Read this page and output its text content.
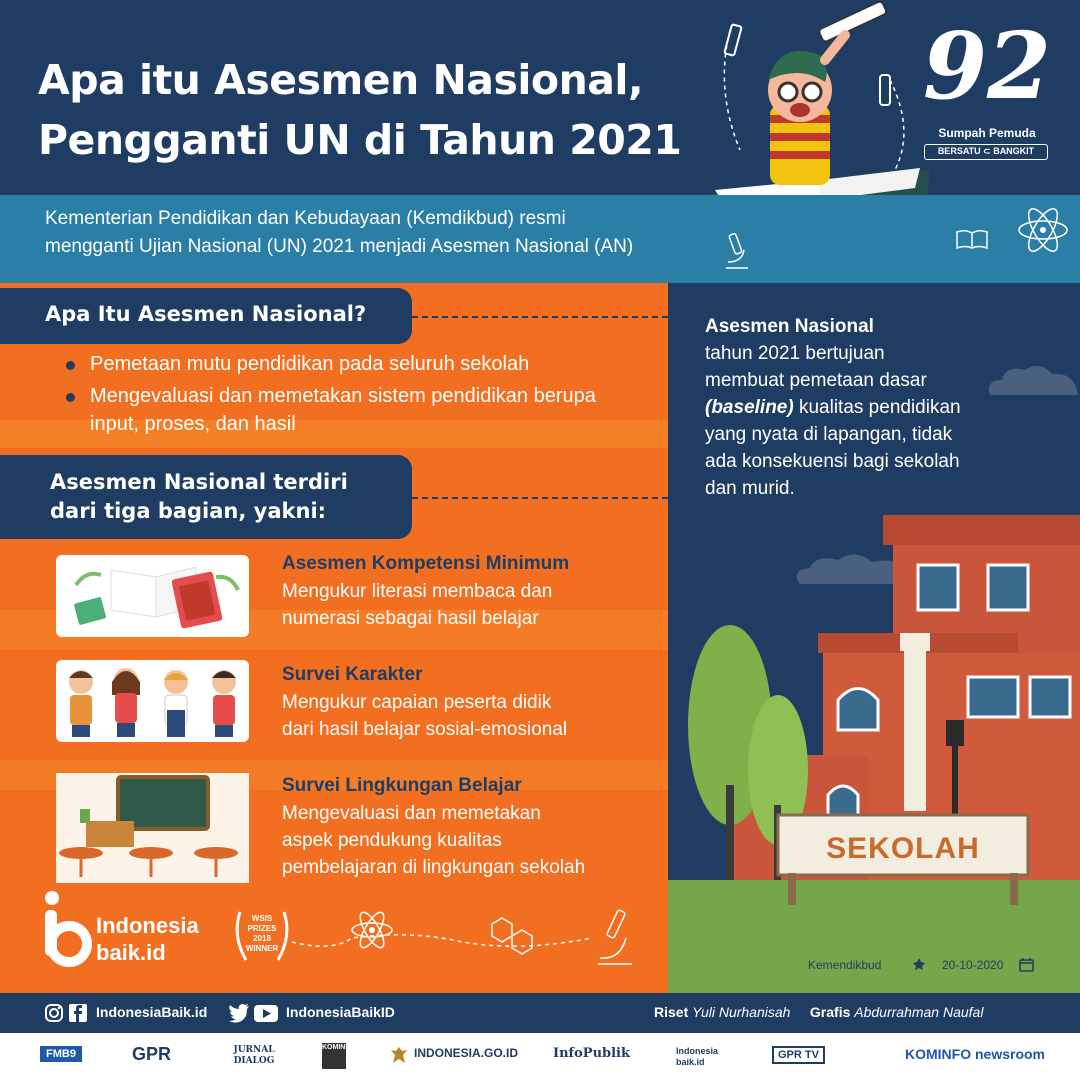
Apa itu Asesmen Nasional,
Pengganti UN di Tahun 2021
92
Sumpah Pemuda
BERSATU ⊂ BANGKIT
Kementerian Pendidikan dan Kebudayaan (Kemdikbud) resmi
mengganti Ujian Nasional (UN) 2021 menjadi Asesmen Nasional (AN)
Apa Itu Asesmen Nasional?
Pemetaan mutu pendidikan pada seluruh sekolah
Mengevaluasi dan memetakan sistem pendidikan berupa input, proses, dan hasil
Asesmen Nasional terdiri
dari tiga bagian, yakni:
Asesmen Kompetensi Minimum
Mengukur literasi membaca dan
numerasi sebagai hasil belajar
Survei Karakter
Mengukur capaian peserta didik
dari hasil belajar sosial-emosional
Survei Lingkungan Belajar
Mengevaluasi dan memetakan
aspek pendukung kualitas
pembelajaran di lingkungan sekolah
Indonesia
baik.id
WSIS PRIZES 2018 WINNER
Asesmen Nasional
tahun 2021 bertujuan membuat pemetaan dasar (baseline) kualitas pendidikan yang nyata di lapangan, tidak ada konsekuensi bagi sekolah dan murid.
SEKOLAH
Kemendikbud	20-10-2020
IndonesiaBaik.id	IndonesiaBaikID	Riset Yuli Nurhanisah Grafis Abdurrahman Naufal
FMB9	GPR	JURNAL DIALOG
KOMINFO	INDONESIA.GO.ID	InfoPublik	Indonesia baik.id
GPR TV	KOMINFO newsroom
